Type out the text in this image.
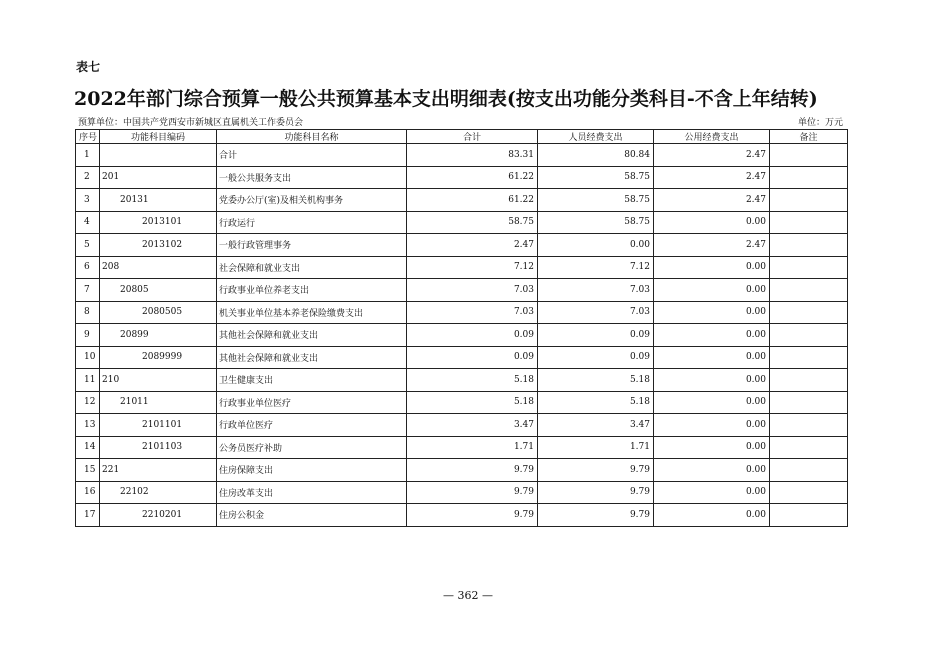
表七
2022年部门综合预算一般公共预算基本支出明细表(按支出功能分类科目-不含上年结转)
预算单位：中国共产党西安市新城区直属机关工作委员会	单位：万元
序号	功能科目编码	功能科目名称	合计	人员经费支出	公用经费支出	备注
1		合计	83.31	80.84	2.47	
2	201	一般公共服务支出	61.22	58.75	2.47	
3	20131	党委办公厅(室)及相关机构事务	61.22	58.75	2.47	
4	2013101	行政运行	58.75	58.75	0.00	
5	2013102	一般行政管理事务	2.47	0.00	2.47	
6	208	社会保障和就业支出	7.12	7.12	0.00	
7	20805	行政事业单位养老支出	7.03	7.03	0.00	
8	2080505	机关事业单位基本养老保险缴费支出	7.03	7.03	0.00	
9	20899	其他社会保障和就业支出	0.09	0.09	0.00	
10	2089999	其他社会保障和就业支出	0.09	0.09	0.00	
11	210	卫生健康支出	5.18	5.18	0.00	
12	21011	行政事业单位医疗	5.18	5.18	0.00	
13	2101101	行政单位医疗	3.47	3.47	0.00	
14	2101103	公务员医疗补助	1.71	1.71	0.00	
15	221	住房保障支出	9.79	9.79	0.00	
16	22102	住房改革支出	9.79	9.79	0.00	
17	2210201	住房公积金	9.79	9.79	0.00	
— 362 —
